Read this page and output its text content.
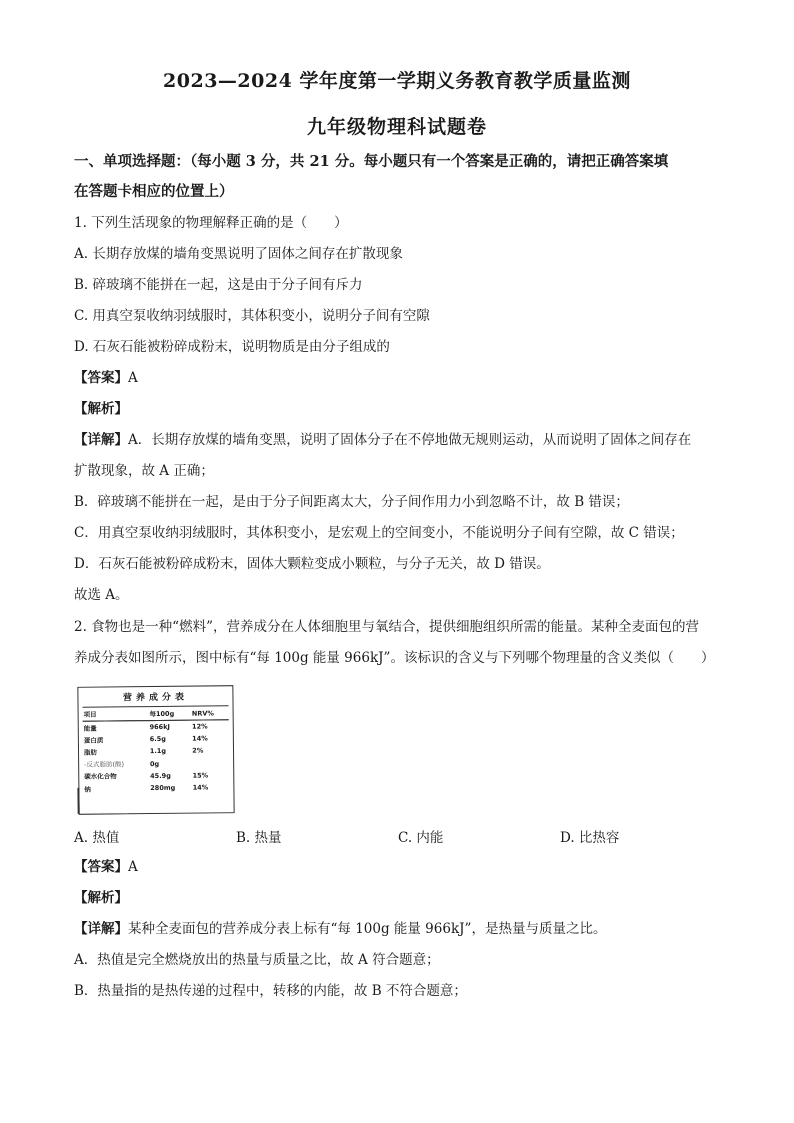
2023—2024 学年度第一学期义务教育教学质量监测
九年级物理科试题卷
一、单项选择题：（每小题 3 分，共 21 分。每小题只有一个答案是正确的，请把正确答案填
在答题卡相应的位置上）
1. 下列生活现象的物理解释正确的是（　　）
A. 长期存放煤的墙角变黑说明了固体之间存在扩散现象
B. 碎玻璃不能拼在一起，这是由于分子间有斥力
C. 用真空泵收纳羽绒服时，其体积变小，说明分子间有空隙
D. 石灰石能被粉碎成粉末，说明物质是由分子组成的
【答案】A
【解析】
【详解】A．长期存放煤的墙角变黑，说明了固体分子在不停地做无规则运动，从而说明了固体之间存在
扩散现象，故 A 正确；
B．碎玻璃不能拼在一起，是由于分子间距离太大，分子间作用力小到忽略不计，故 B 错误；
C．用真空泵收纳羽绒服时，其体积变小，是宏观上的空间变小，不能说明分子间有空隙，故 C 错误；
D．石灰石能被粉碎成粉末，固体大颗粒变成小颗粒，与分子无关，故 D 错误。
故选 A。
2. 食物也是一种“燃料”，营养成分在人体细胞里与氧结合，提供细胞组织所需的能量。某种全麦面包的营
养成分表如图所示，图中标有“每 100g 能量 966kJ”。该标识的含义与下列哪个物理量的含义类似（　　）
营养成分表
项目	每100g	NRV%
能量	966kJ	12%
蛋白质	6.5g	14%
脂肪	1.1g	2%
-反式脂肪(酸)	0g	
碳水化合物	45.9g	15%
钠	280mg	14%
A. 热值	B. 热量	C. 内能	D. 比热容
【答案】A
【解析】
【详解】某种全麦面包的营养成分表上标有“每 100g 能量 966kJ”，是热量与质量之比。
A．热值是完全燃烧放出的热量与质量之比，故 A 符合题意；
B．热量指的是热传递的过程中，转移的内能，故 B 不符合题意；
